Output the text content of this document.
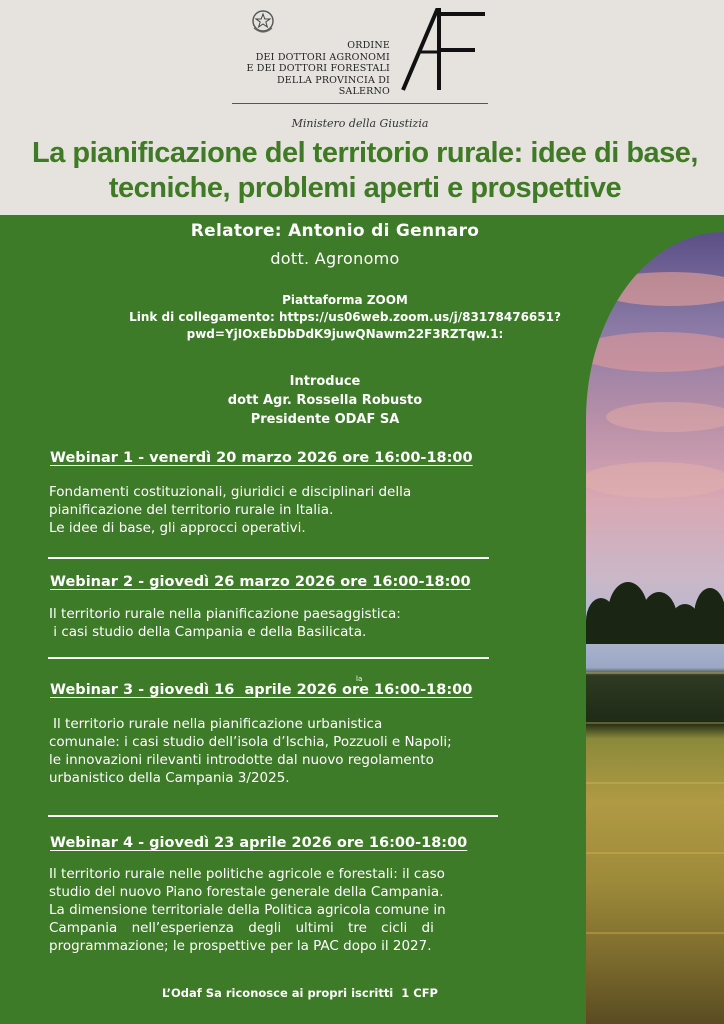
ORDINE
DEI DOTTORI AGRONOMI
E DEI DOTTORI FORESTALI
DELLA PROVINCIA DI SALERNO
Ministero della Giustizia
La pianificazione del territorio rurale: idee di base, tecniche, problemi aperti e prospettive
Relatore: Antonio di Gennaro
dott. Agronomo
Piattaforma ZOOM
Link di collegamento: https://us06web.zoom.us/j/83178476651?
pwd=YjIOxEbDbDdK9juwQNawm22F3RZTqw.1:
Introduce
dott Agr. Rossella Robusto
Presidente ODAF SA
Webinar 1 - venerdì 20 marzo 2026 ore 16:00-18:00
Fondamenti costituzionali, giuridici e disciplinari della
pianificazione del territorio rurale in Italia.
Le idee di base, gli approcci operativi.
Webinar 2 - giovedì 26 marzo 2026 ore 16:00-18:00
Il territorio rurale nella pianificazione paesaggistica:
i casi studio della Campania e della Basilicata.
Webinar 3 - giovedì 16  aprile 2026 ore 16:00-18:00
la
Il territorio rurale nella pianificazione urbanistica
comunale: i casi studio dell’isola d’Ischia, Pozzuoli e Napoli;
le innovazioni rilevanti introdotte dal nuovo regolamento
urbanistico della Campania 3/2025.
Webinar 4 - giovedì 23 aprile 2026 ore 16:00-18:00
Il territorio rurale nelle politiche agricole e forestali: il caso
studio del nuovo Piano forestale generale della Campania.
La dimensione territoriale della Politica agricola comune in
Campania nell’esperienza degli ultimi tre cicli di
programmazione; le prospettive per la PAC dopo il 2027.
L’Odaf Sa riconosce ai propri iscritti  1 CFP
